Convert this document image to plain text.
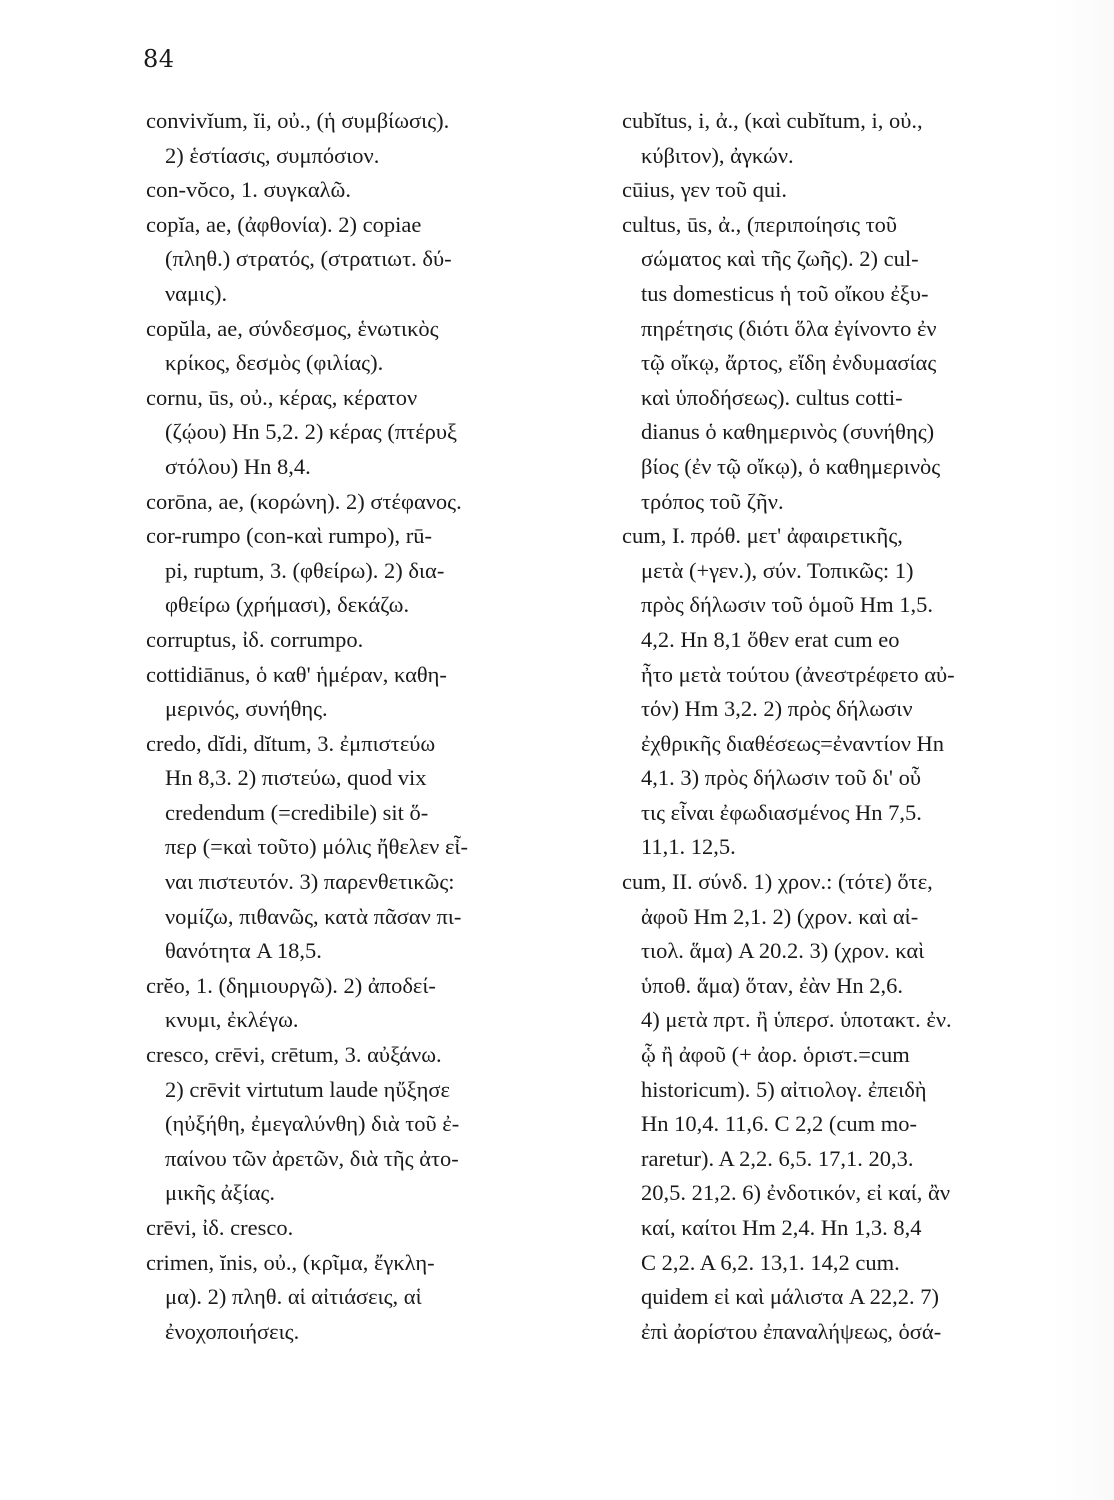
84
convivĭum, ĭi, οὐ., (ἡ συμβίωσις).
2) ἑστίασις, συμπόσιον.
con-vŏco, 1. συγκαλῶ.
copĭa, ae, (ἀφθονία). 2) copiae
(πληθ.) στρατός, (στρατιωτ. δύ-
ναμις).
copŭla, ae, σύνδεσμος, ἑνωτικὸς
κρίκος, δεσμὸς (φιλίας).
cornu, ūs, οὐ., κέρας, κέρατον
(ζῴου) Hn 5,2. 2) κέρας (πτέρυξ
στόλου) Hn 8,4.
corōna, ae, (κορώνη). 2) στέφανος.
cor-rumpo (con-καὶ rumpo), rū-
pi, ruptum, 3. (φθείρω). 2) δια-
φθείρω (χρήμασι), δεκάζω.
corruptus, ἰδ. corrumpo.
cottidiānus, ὁ καθ' ἡμέραν, καθη-
μερινός, συνήθης.
credo, dĭdi, dĭtum, 3. ἐμπιστεύω
Hn 8,3. 2) πιστεύω, quod vix
credendum (=credibile) sit ὅ-
περ (=καὶ τοῦτο) μόλις ἤθελεν εἶ-
ναι πιστευτόν. 3) παρενθετικῶς:
νομίζω, πιθανῶς, κατὰ πᾶσαν πι-
θανότητα A 18,5.
crĕo, 1. (δημιουργῶ). 2) ἀποδεί-
κνυμι, ἐκλέγω.
cresco, crēvi, crētum, 3. αὐξάνω.
2) crēvit virtutum laude ηὔξησε
(ηὐξήθη, ἐμεγαλύνθη) διὰ τοῦ ἐ-
παίνου τῶν ἀρετῶν, διὰ τῆς ἀτο-
μικῆς ἀξίας.
crēvi, ἰδ. cresco.
crimen, ĭnis, οὐ., (κρῖμα, ἔγκλη-
μα). 2) πληθ. αἱ αἰτιάσεις, αἱ
ἐνοχοποιήσεις.
cubĭtus, i, ἀ., (καὶ cubĭtum, i, οὐ.,
κύβιτον), ἀγκών.
cūius, γεν τοῦ qui.
cultus, ūs, ἀ., (περιποίησις τοῦ
σώματος καὶ τῆς ζωῆς). 2) cul-
tus domesticus ἡ τοῦ οἴκου ἐξυ-
πηρέτησις (διότι ὅλα ἐγίνοντο ἐν
τῷ οἴκῳ, ἄρτος, εἴδη ἐνδυμασίας
καὶ ὑποδήσεως). cultus cotti-
dianus ὁ καθημερινὸς (συνήθης)
βίος (ἐν τῷ οἴκῳ), ὁ καθημερινὸς
τρόπος τοῦ ζῆν.
cum, I. πρόθ. μετ' ἀφαιρετικῆς,
μετὰ (+γεν.), σύν. Τοπικῶς: 1)
πρὸς δήλωσιν τοῦ ὁμοῦ Hm 1,5.
4,2. Hn 8,1 ὅθεν erat cum eo
ἦτο μετὰ τούτου (ἀνεστρέφετο αὐ-
τόν) Hm 3,2. 2) πρὸς δήλωσιν
ἐχθρικῆς διαθέσεως=ἐναντίον Hn
4,1. 3) πρὸς δήλωσιν τοῦ δι' οὗ
τις εἶναι ἐφωδιασμένος Hn 7,5.
11,1. 12,5.
cum, II. σύνδ. 1) χρον.: (τότε) ὅτε,
ἀφοῦ Hm 2,1. 2) (χρον. καὶ αἰ-
τιολ. ἅμα) A 20.2. 3) (χρον. καὶ
ὑποθ. ἅμα) ὅταν, ἐὰν Hn 2,6.
4) μετὰ πρτ. ἢ ὑπερσ. ὑποτακτ. ἐν.
ᾧ ἢ ἀφοῦ (+ ἀορ. ὁριστ.=cum
historicum). 5) αἰτιολογ. ἐπειδὴ
Hn 10,4. 11,6. C 2,2 (cum mo-
raretur). A 2,2. 6,5. 17,1. 20,3.
20,5. 21,2. 6) ἐνδοτικόν, εἰ καί, ἂν
καί, καίτοι Hm 2,4. Hn 1,3. 8,4
C 2,2. A 6,2. 13,1. 14,2 cum.
quidem εἰ καὶ μάλιστα A 22,2. 7)
ἐπὶ ἀορίστου ἐπαναλήψεως, ὁσά-
